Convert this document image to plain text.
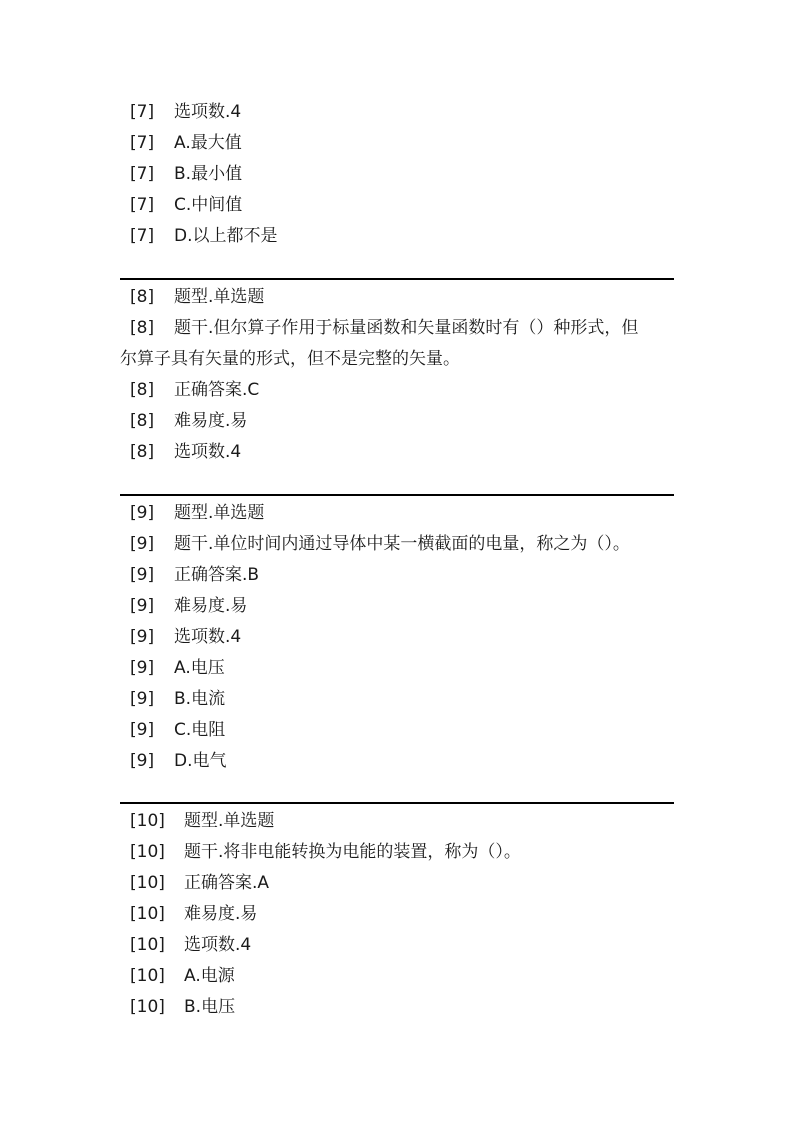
[7] 选项数.4
[7] A.最大值
[7] B.最小值
[7] C.中间值
[7] D.以上都不是
[8] 题型.单选题
[8] 题干.但尔算子作用于标量函数和矢量函数时有（）种形式，但
尔算子具有矢量的形式，但不是完整的矢量。
[8] 正确答案.C
[8] 难易度.易
[8] 选项数.4
[9] 题型.单选题
[9] 题干.单位时间内通过导体中某一横截面的电量，称之为（）。
[9] 正确答案.B
[9] 难易度.易
[9] 选项数.4
[9] A.电压
[9] B.电流
[9] C.电阻
[9] D.电气
[10] 题型.单选题
[10] 题干.将非电能转换为电能的装置，称为（）。
[10] 正确答案.A
[10] 难易度.易
[10] 选项数.4
[10] A.电源
[10] B.电压
